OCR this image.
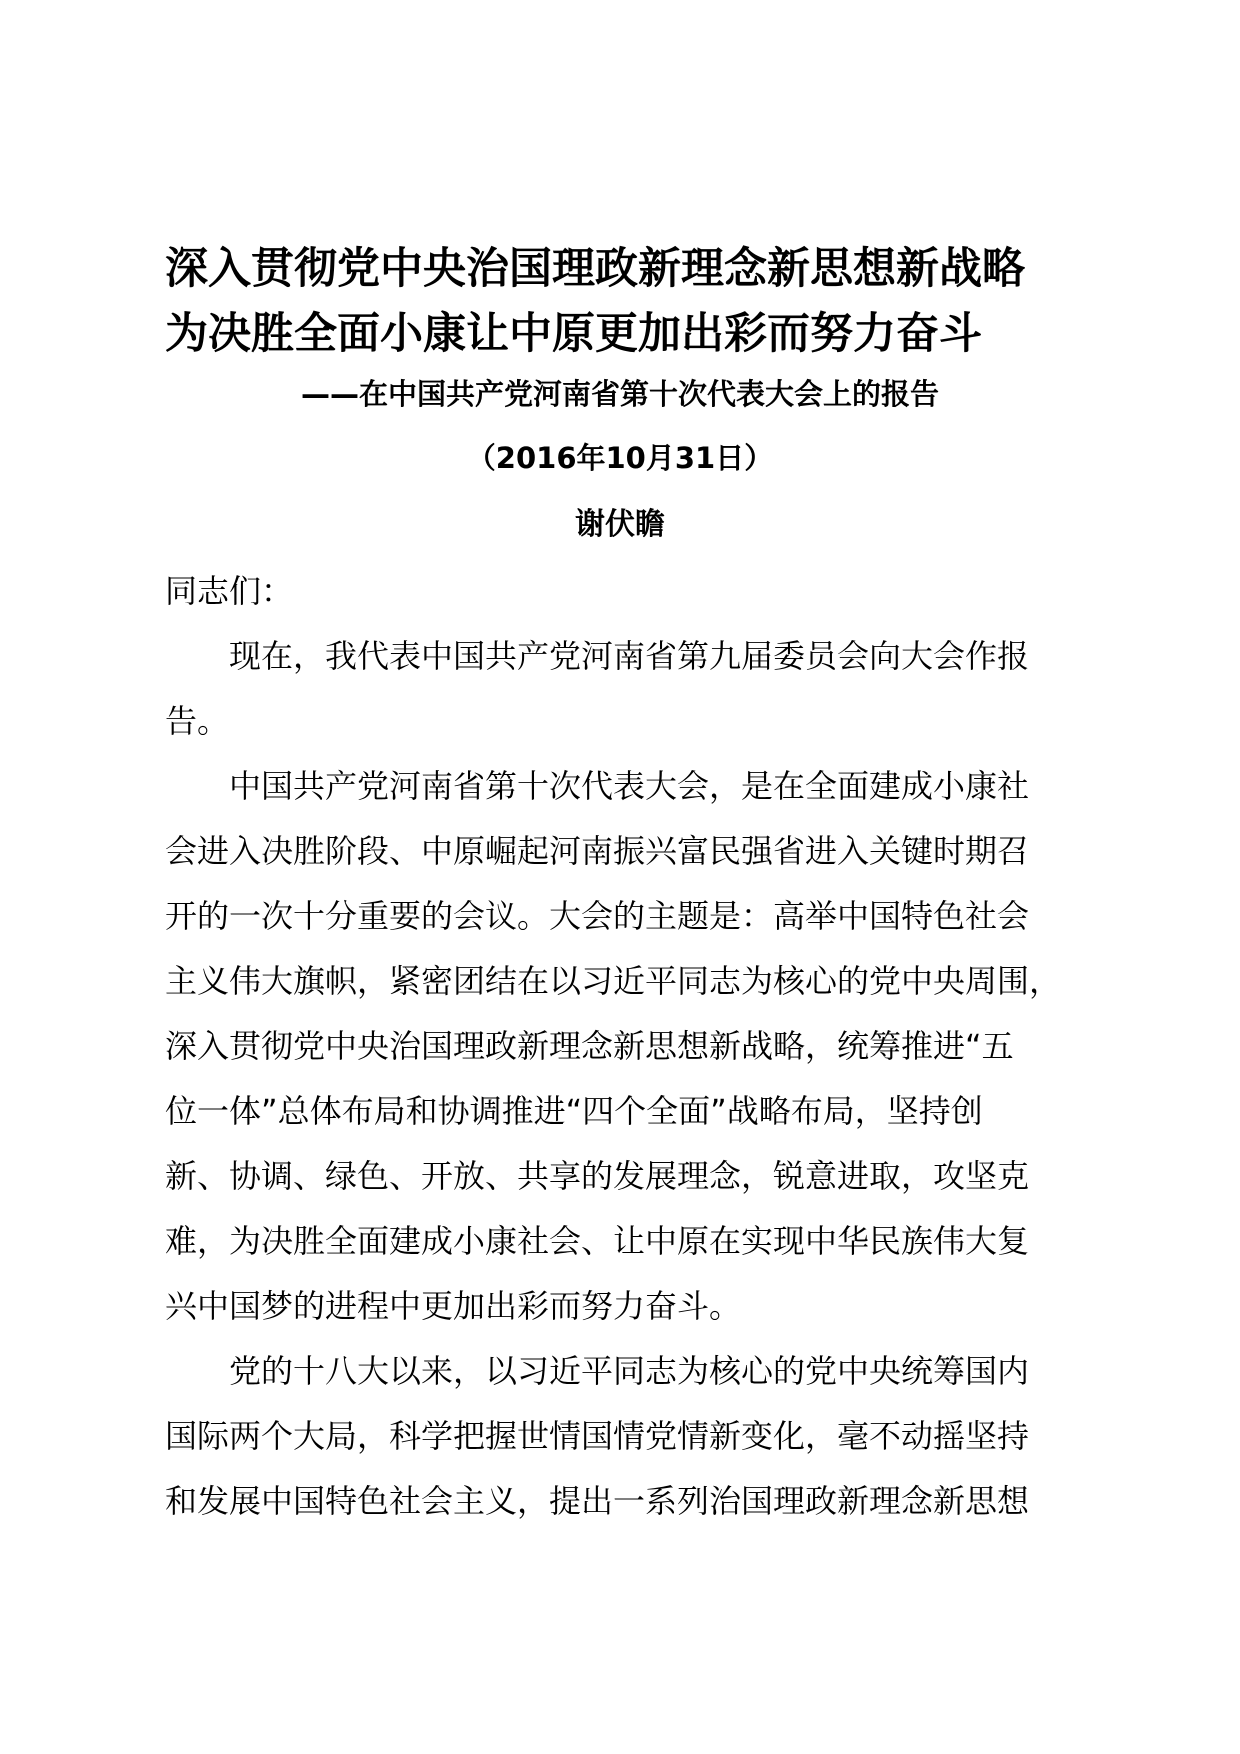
深入贯彻党中央治国理政新理念新思想新战略
为决胜全面小康让中原更加出彩而努力奋斗
——在中国共产党河南省第十次代表大会上的报告
（2016年10月31日）
谢伏瞻
同志们：
　　现在，我代表中国共产党河南省第九届委员会向大会作报
告。
　　中国共产党河南省第十次代表大会，是在全面建成小康社
会进入决胜阶段、中原崛起河南振兴富民强省进入关键时期召
开的一次十分重要的会议。大会的主题是：高举中国特色社会
主义伟大旗帜，紧密团结在以习近平同志为核心的党中央周围，
深入贯彻党中央治国理政新理念新思想新战略，统筹推进“五
位一体”总体布局和协调推进“四个全面”战略布局，坚持创
新、协调、绿色、开放、共享的发展理念，锐意进取，攻坚克
难，为决胜全面建成小康社会、让中原在实现中华民族伟大复
兴中国梦的进程中更加出彩而努力奋斗。
　　党的十八大以来，以习近平同志为核心的党中央统筹国内
国际两个大局，科学把握世情国情党情新变化，毫不动摇坚持
和发展中国特色社会主义，提出一系列治国理政新理念新思想
